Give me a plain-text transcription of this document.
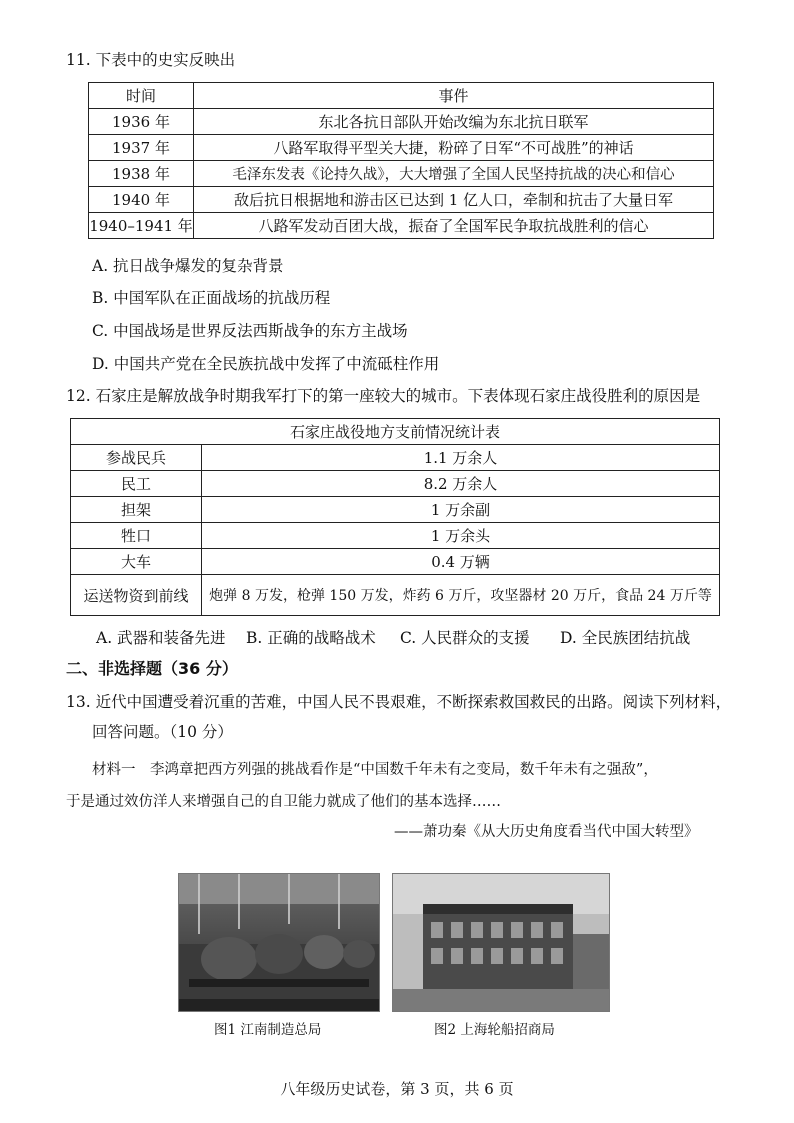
11. 下表中的史实反映出
时间	事件
1936 年	东北各抗日部队开始改编为东北抗日联军
1937 年	八路军取得平型关大捷，粉碎了日军“不可战胜”的神话
1938 年	毛泽东发表《论持久战》，大大增强了全国人民坚持抗战的决心和信心
1940 年	敌后抗日根据地和游击区已达到 1 亿人口，牵制和抗击了大量日军
1940–1941 年	八路军发动百团大战，振奋了全国军民争取抗战胜利的信心
A. 抗日战争爆发的复杂背景
B. 中国军队在正面战场的抗战历程
C. 中国战场是世界反法西斯战争的东方主战场
D. 中国共产党在全民族抗战中发挥了中流砥柱作用
12. 石家庄是解放战争时期我军打下的第一座较大的城市。下表体现石家庄战役胜利的原因是
石家庄战役地方支前情况统计表	
参战民兵	1.1 万余人
民工	8.2 万余人
担架	1 万余副
牲口	1 万余头
大车	0.4 万辆
运送物资到前线	炮弹 8 万发，枪弹 150 万发，炸药 6 万斤，攻坚器材 20 万斤，食品 24 万斤等
A. 武器和装备先进 B. 正确的战略战术 C. 人民群众的支援 D. 全民族团结抗战
二、非选择题（36 分）
13. 近代中国遭受着沉重的苦难，中国人民不畏艰难，不断探索救国救民的出路。阅读下列材料，
回答问题。（10 分）
材料一　李鸿章把西方列强的挑战看作是“中国数千年未有之变局，数千年未有之强敌”，
于是通过效仿洋人来增强自己的自卫能力就成了他们的基本选择……
——萧功秦《从大历史角度看当代中国大转型》
图1 江南制造总局	图2 上海轮船招商局
八年级历史试卷，第 3 页，共 6 页
